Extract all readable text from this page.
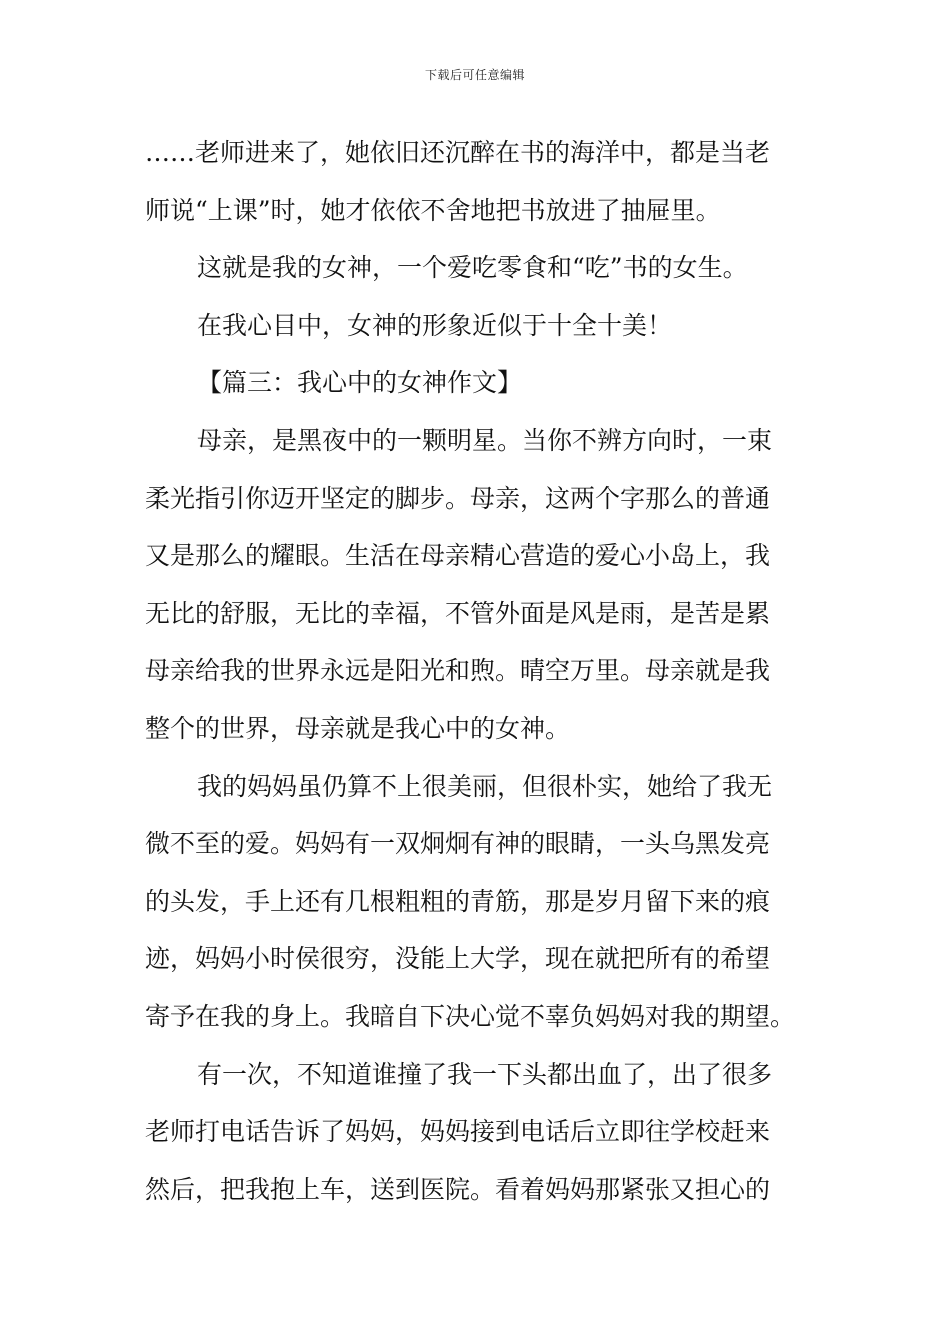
下载后可任意编辑
……老师进来了，她依旧还沉醉在书的海洋中，都是当老
师说“上课”时，她才依依不舍地把书放进了抽屉里。
这就是我的女神，一个爱吃零食和“吃”书的女生。
在我心目中，女神的形象近似于十全十美！
【篇三：我心中的女神作文】
母亲，是黑夜中的一颗明星。当你不辨方向时，一束
柔光指引你迈开坚定的脚步。母亲，这两个字那么的普通
又是那么的耀眼。生活在母亲精心营造的爱心小岛上，我
无比的舒服，无比的幸福，不管外面是风是雨，是苦是累
母亲给我的世界永远是阳光和煦。晴空万里。母亲就是我
整个的世界，母亲就是我心中的女神。
我的妈妈虽仍算不上很美丽，但很朴实，她给了我无
微不至的爱。妈妈有一双炯炯有神的眼睛，一头乌黑发亮
的头发，手上还有几根粗粗的青筋，那是岁月留下来的痕
迹，妈妈小时侯很穷，没能上大学，现在就把所有的希望
寄予在我的身上。我暗自下决心觉不辜负妈妈对我的期望。
有一次，不知道谁撞了我一下头都出血了，出了很多
老师打电话告诉了妈妈，妈妈接到电话后立即往学校赶来
然后，把我抱上车，送到医院。看着妈妈那紧张又担心的
